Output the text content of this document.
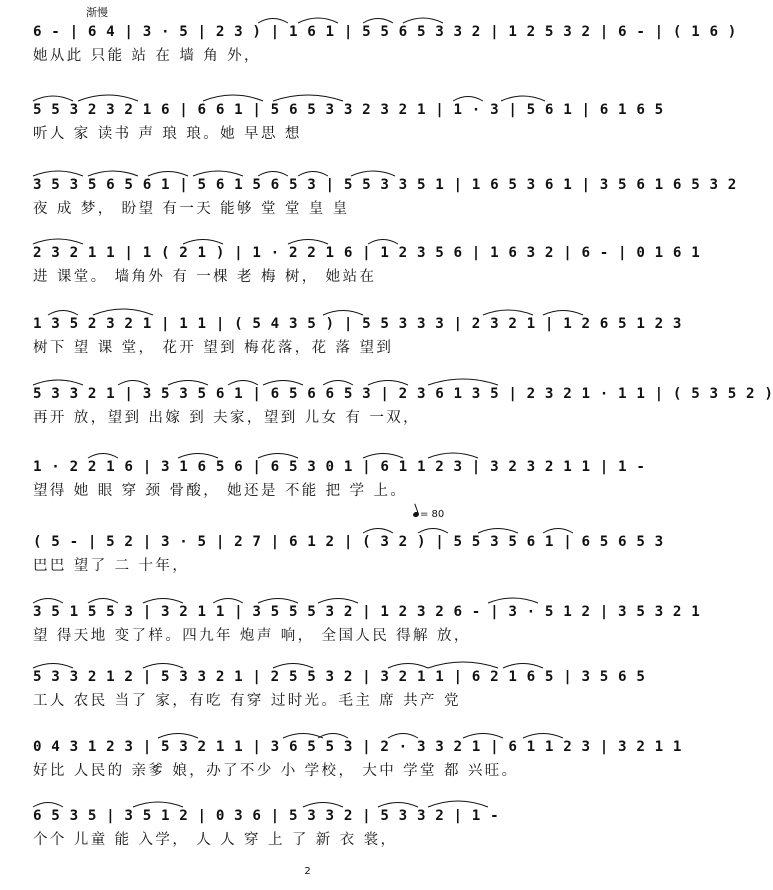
渐慢
= 80
6 - | 6 4 | 3 · 5 | 2 3 ) | 1 6 1 | 5 5 6 5 3 3 2 | 1 2 5 3 2 | 6 - | ( 1 6 )
她从此 只能 站 在 墙 角 外，
5 5 3 2 3 2 1 6 | 6 6 1 | 5 6 5 3 3 2 3 2 1 | 1 · 3 | 5 6 1 | 6 1 6 5
听人 家 读书 声 琅 琅。她 早思 想
3 5 3 5 6 5 6 1 | 5 6 1 5 6 5 3 | 5 5 3 3 5 1 | 1 6 5 3 6 1 | 3 5 6 1 6 5 3 2
夜 成 梦， 盼望 有一天 能够 堂 堂 皇 皇
2 3 2 1 1 | 1 ( 2 1 ) | 1 · 2 2 1 6 | 1 2 3 5 6 | 1 6 3 2 | 6 - | 0 1 6 1
进 课堂。 墙角外 有 一棵 老 梅 树， 她站在
1 3 5 2 3 2 1 | 1 1 | ( 5 4 3 5 ) | 5 5 3 3 3 | 2 3 2 1 | 1 2 6 5 1 2 3
树下 望 课 堂， 花开 望到 梅花落，花 落 望到
5 3 3 2 1 | 3 5 3 5 6 1 | 6 5 6 6 5 3 | 2 3 6 1 3 5 | 2 3 2 1 · 1 1 | ( 5 3 5 2 )
再开 放，望到 出嫁 到 夫家，望到 儿女 有 一双，
1 · 2 2 1 6 | 3 1 6 5 6 | 6 5 3 0 1 | 6 1 1 2 3 | 3 2 3 2 1 1 | 1 -
望得 她 眼 穿 颈 骨酸， 她还是 不能 把 学 上。
( 5 - | 5 2 | 3 · 5 | 2 7 | 6 1 2 | ( 3 2 ) | 5 5 3 5 6 1 | 6 5 6 5 3
巴巴 望了 二 十年，
3 5 1 5 5 3 | 3 2 1 1 | 3 5 5 5 3 2 | 1 2 3 2 6 - | 3 · 5 1 2 | 3 5 3 2 1
望 得天地 变了样。四九年 炮声 响， 全国人民 得解 放，
5 3 3 2 1 2 | 5 3 3 2 1 | 2 5 5 3 2 | 3 2 1 1 | 6 2 1 6 5 | 3 5 6 5
工人 农民 当了 家，有吃 有穿 过时光。毛主 席 共产 党
0 4 3 1 2 3 | 5 3 2 1 1 | 3 6 5 5 3 | 2 · 3 3 2 1 | 6 1 1 2 3 | 3 2 1 1
好比 人民的 亲爹 娘，办了不少 小 学校， 大中 学堂 都 兴旺。
6 5 3 5 | 3 5 1 2 | 0 3 6 | 5 3 3 2 | 5 3 3 2 | 1 -
个个 儿童 能 入学， 人 人 穿 上 了 新 衣 裳，
2
